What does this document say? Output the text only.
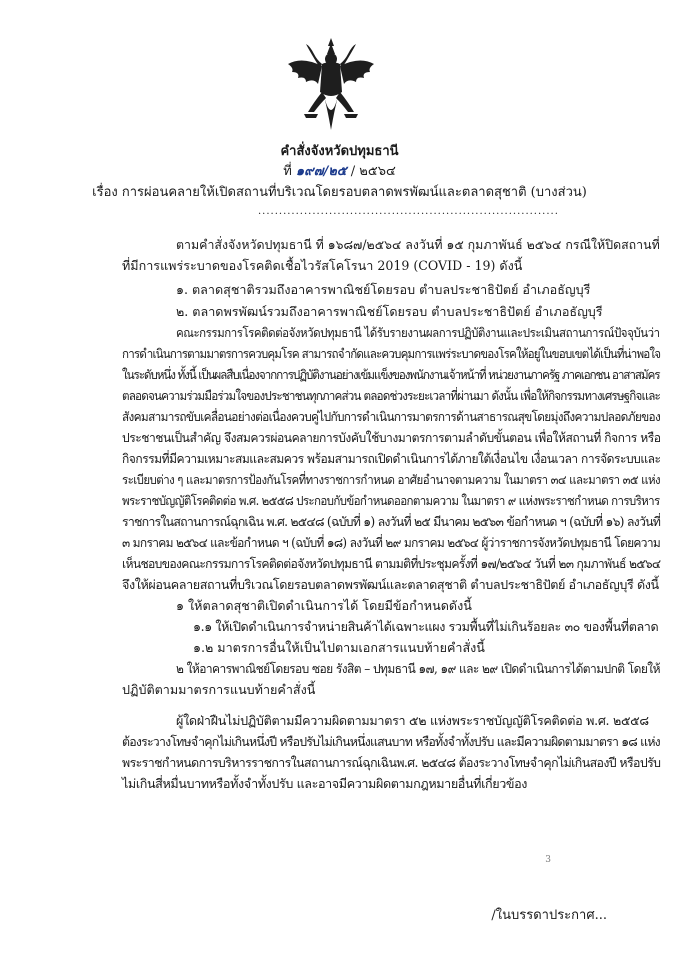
คำสั่งจังหวัดปทุมธานี
ที่ ๑๙๗/๒๕ / ๒๕๖๔
เรื่อง การผ่อนคลายให้เปิดสถานที่บริเวณโดยรอบตลาดพรพัฒน์และตลาดสุชาติ (บางส่วน)
........................................................................
ตามคำสั่งจังหวัดปทุมธานี ที่ ๑๖๘๗/๒๕๖๔ ลงวันที่ ๑๕ กุมภาพันธ์ ๒๕๖๔ กรณีให้ปิดสถานที่
ที่มีการแพร่ระบาดของโรคติดเชื้อไวรัสโคโรนา 2019 (COVID - 19) ดังนี้
๑. ตลาดสุชาติรวมถึงอาคารพาณิชย์โดยรอบ ตำบลประชาธิปัตย์ อำเภอธัญบุรี
๒. ตลาดพรพัฒน์รวมถึงอาคารพาณิชย์โดยรอบ ตำบลประชาธิปัตย์ อำเภอธัญบุรี
คณะกรรมการโรคติดต่อจังหวัดปทุมธานี ได้รับรายงานผลการปฏิบัติงานและประเมินสถานการณ์ปัจจุบันว่า
การดำเนินการตามมาตรการควบคุมโรค สามารถจำกัดและควบคุมการแพร่ระบาดของโรคให้อยู่ในขอบเขตได้เป็นที่น่าพอใจ
ในระดับหนึ่ง ทั้งนี้ เป็นผลสืบเนื่องจากการปฏิบัติงานอย่างเข้มแข็งของพนักงานเจ้าหน้าที่ หน่วยงานภาครัฐ ภาคเอกชน อาสาสมัคร
ตลอดจนความร่วมมือร่วมใจของประชาชนทุกภาคส่วน ตลอดช่วงระยะเวลาที่ผ่านมา ดังนั้น เพื่อให้กิจกรรมทางเศรษฐกิจและ
สังคมสามารถขับเคลื่อนอย่างต่อเนื่องควบคู่ไปกับการดำเนินการมาตรการด้านสาธารณสุขโดยมุ่งถึงความปลอดภัยของ
ประชาชนเป็นสำคัญ จึงสมควรผ่อนคลายการบังคับใช้บางมาตรการตามลำดับขั้นตอน เพื่อให้สถานที่ กิจการ หรือ
กิจกรรมที่มีความเหมาะสมและสมควร พร้อมสามารถเปิดดำเนินการได้ภายใต้เงื่อนไข เงื่อนเวลา การจัดระบบและ
ระเบียบต่าง ๆ และมาตรการป้องกันโรคที่ทางราชการกำหนด อาศัยอำนาจตามความ ในมาตรา ๓๔ และมาตรา ๓๕ แห่ง
พระราชบัญญัติโรคติดต่อ พ.ศ. ๒๕๕๘ ประกอบกับข้อกำหนดออกตามความ ในมาตรา ๙ แห่งพระราชกำหนด การบริหาร
ราชการในสถานการณ์ฉุกเฉิน พ.ศ. ๒๕๔๘ (ฉบับที่ ๑) ลงวันที่ ๒๕ มีนาคม ๒๕๖๓ ข้อกำหนด ฯ (ฉบับที่ ๑๖) ลงวันที่
๓ มกราคม ๒๕๖๔ และข้อกำหนด ฯ (ฉบับที่ ๑๘) ลงวันที่ ๒๙ มกราคม ๒๕๖๔ ผู้ว่าราชการจังหวัดปทุมธานี โดยความ
เห็นชอบของคณะกรรมการโรคติดต่อจังหวัดปทุมธานี ตามมติที่ประชุมครั้งที่ ๑๗/๒๕๖๔ วันที่ ๒๓ กุมภาพันธ์ ๒๕๖๔
จึงให้ผ่อนคลายสถานที่บริเวณโดยรอบตลาดพรพัฒน์และตลาดสุชาติ ตำบลประชาธิปัตย์ อำเภอธัญบุรี ดังนี้
๑ ให้ตลาดสุชาติเปิดดำเนินการได้ โดยมีข้อกำหนดดังนี้
๑.๑ ให้เปิดดำเนินการจำหน่ายสินค้าได้เฉพาะแผง รวมพื้นที่ไม่เกินร้อยละ ๓๐ ของพื้นที่ตลาด
๑.๒ มาตรการอื่นให้เป็นไปตามเอกสารแนบท้ายคำสั่งนี้
๒ ให้อาคารพาณิชย์โดยรอบ ซอย รังสิต – ปทุมธานี ๑๗, ๑๙ และ ๒๙ เปิดดำเนินการได้ตามปกติ โดยให้
ปฏิบัติตามมาตรการแนบท้ายคำสั่งนี้
ผู้ใดฝ่าฝืนไม่ปฏิบัติตามมีความผิดตามมาตรา ๕๒ แห่งพระราชบัญญัติโรคติดต่อ พ.ศ. ๒๕๕๘
ต้องระวางโทษจำคุกไม่เกินหนึ่งปี หรือปรับไม่เกินหนึ่งแสนบาท หรือทั้งจำทั้งปรับ และมีความผิดตามมาตรา ๑๘ แห่ง
พระราชกำหนดการบริหารราชการในสถานการณ์ฉุกเฉินพ.ศ. ๒๕๔๘ ต้องระวางโทษจำคุกไม่เกินสองปี หรือปรับ
ไม่เกินสี่หมื่นบาทหรือทั้งจำทั้งปรับ และอาจมีความผิดตามกฎหมายอื่นที่เกี่ยวข้อง
3
/ในบรรดาประกาศ...
